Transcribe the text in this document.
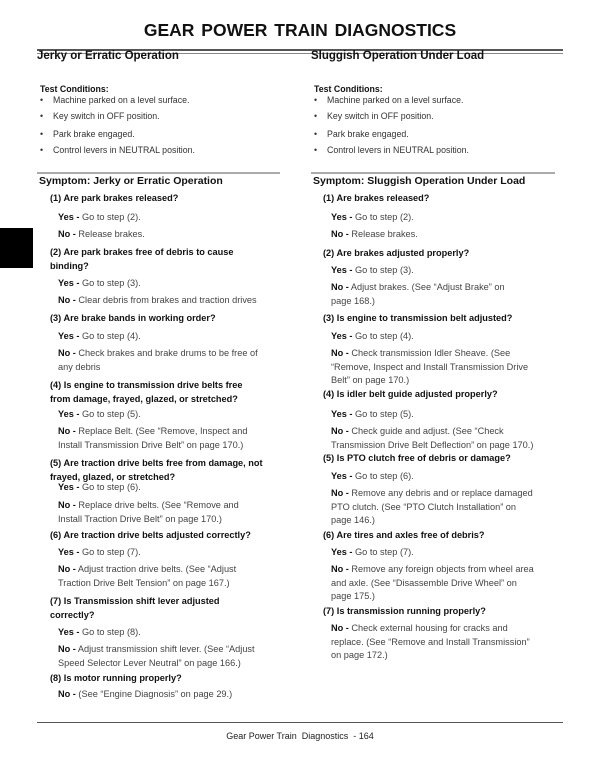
GEAR POWER TRAIN DIAGNOSTICS
Jerky or Erratic Operation
Test Conditions:
• Machine parked on a level surface.
• Key switch in OFF position.
• Park brake engaged.
• Control levers in NEUTRAL position.
Symptom: Jerky or Erratic Operation
(1) Are park brakes released?
Yes - Go to step (2).
No - Release brakes.
(2) Are park brakes free of debris to cause
binding?
Yes - Go to step (3).
No - Clear debris from brakes and traction drives
(3) Are brake bands in working order?
Yes - Go to step (4).
No - Check brakes and brake drums to be free of
any debris
(4) Is engine to transmission drive belts free
from damage, frayed, glazed, or stretched?
Yes - Go to step (5).
No - Replace Belt. (See “Remove, Inspect and
Install Transmission Drive Belt” on page 170.)
(5) Are traction drive belts free from damage, not
frayed, glazed, or stretched?
Yes - Go to step (6).
No - Replace drive belts. (See “Remove and
Install Traction Drive Belt” on page 170.)
(6) Are traction drive belts adjusted correctly?
Yes - Go to step (7).
No - Adjust traction drive belts. (See “Adjust
Traction Drive Belt Tension” on page 167.)
(7) Is Transmission shift lever adjusted
correctly?
Yes - Go to step (8).
No - Adjust transmission shift lever. (See “Adjust
Speed Selector Lever Neutral” on page 166.)
(8) Is motor running properly?
No - (See “Engine Diagnosis” on page 29.)
Sluggish Operation Under Load
Test Conditions:
• Machine parked on a level surface.
• Key switch in OFF position.
• Park brake engaged.
• Control levers in NEUTRAL position.
Symptom: Sluggish Operation Under Load
(1) Are brakes released?
Yes - Go to step (2).
No - Release brakes.
(2) Are brakes adjusted properly?
Yes - Go to step (3).
No - Adjust brakes. (See “Adjust Brake” on
page 168.)
(3) Is engine to transmission belt adjusted?
Yes - Go to step (4).
No - Check transmission Idler Sheave. (See
“Remove, Inspect and Install Transmission Drive
Belt” on page 170.)
(4) Is idler belt guide adjusted properly?
Yes - Go to step (5).
No - Check guide and adjust. (See “Check
Transmission Drive Belt Deflection” on page 170.)
(5) Is PTO clutch free of debris or damage?
Yes - Go to step (6).
No - Remove any debris and or replace damaged
PTO clutch. (See “PTO Clutch Installation” on
page 146.)
(6) Are tires and axles free of debris?
Yes - Go to step (7).
No - Remove any foreign objects from wheel area
and axle. (See “Disassemble Drive Wheel” on
page 175.)
(7) Is transmission running properly?
No - Check external housing for cracks and
replace. (See “Remove and Install Transmission”
on page 172.)
Gear Power Train  Diagnostics  - 164
